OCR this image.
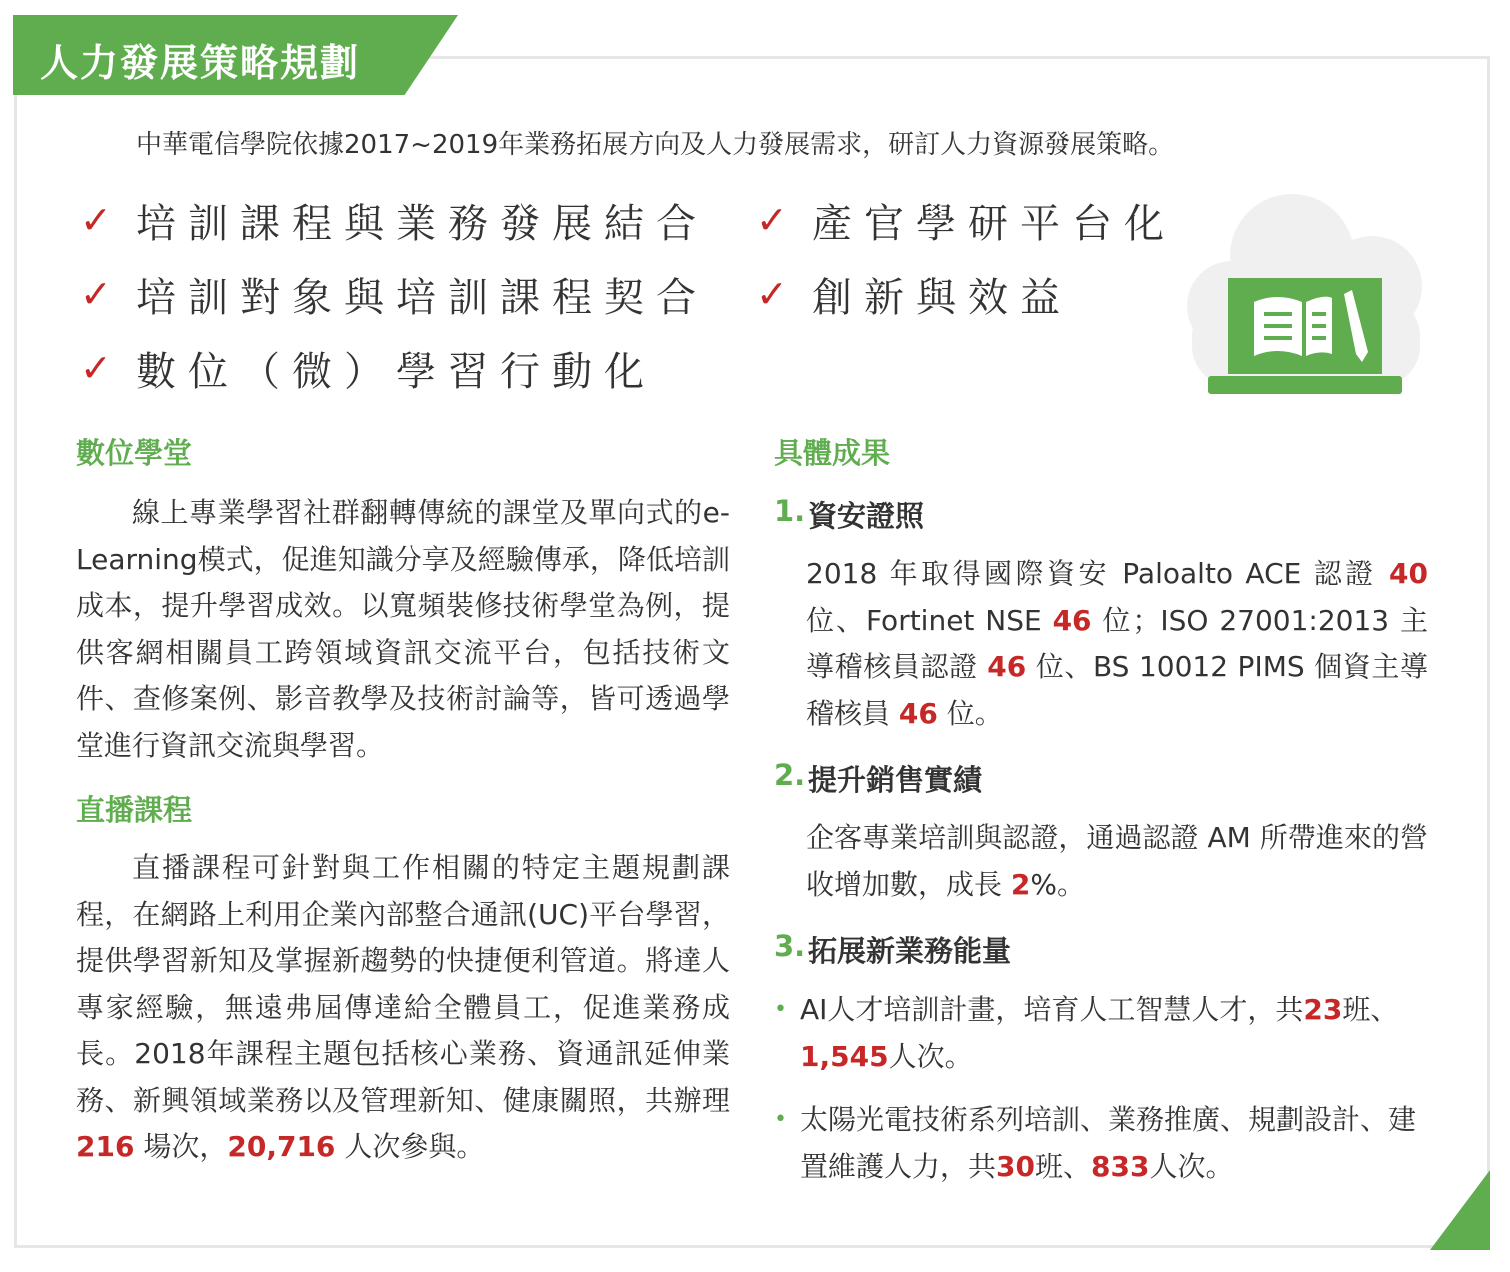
人力發展策略規劃

中華電信學院依據2017~2019年業務拓展方向及人力發展需求，研訂人力資源發展策略。

✓ 培訓課程與業務發展結合
✓ 培訓對象與培訓課程契合
✓ 數位（微）學習行動化
✓ 產官學研平台化
✓ 創新與效益
數位學堂

線上專業學習社群翻轉傳統的課堂及單向式的e-Learning模式，促進知識分享及經驗傳承，降低培訓成本，提升學習成效。以寬頻裝修技術學堂為例，提供客網相關員工跨領域資訊交流平台，包括技術文件、查修案例、影音教學及技術討論等，皆可透過學堂進行資訊交流與學習。

直播課程

直播課程可針對與工作相關的特定主題規劃課程，在網路上利用企業內部整合通訊(UC)平台學習，提供學習新知及掌握新趨勢的快捷便利管道。將達人專家經驗，無遠弗屆傳達給全體員工，促進業務成長。2018年課程主題包括核心業務、資通訊延伸業務、新興領域業務以及管理新知、健康關照，共辦理 216 場次，20,716 人次參與。

具體成果
1. 資安證照

2018 年取得國際資安 Paloalto ACE 認證 40 位、Fortinet NSE 46 位；ISO 27001:2013 主導稽核員認證 46 位、BS 10012 PIMS 個資主導稽核員 46 位。

2. 提升銷售實績

企客專業培訓與認證，通過認證 AM 所帶進來的營收增加數，成長 2%。

3. 拓展新業務能量
• AI人才培訓計畫，培育人工智慧人才，共23班、1,545人次。
• 太陽光電技術系列培訓、業務推廣、規劃設計、建置維護人力，共30班、833人次。
